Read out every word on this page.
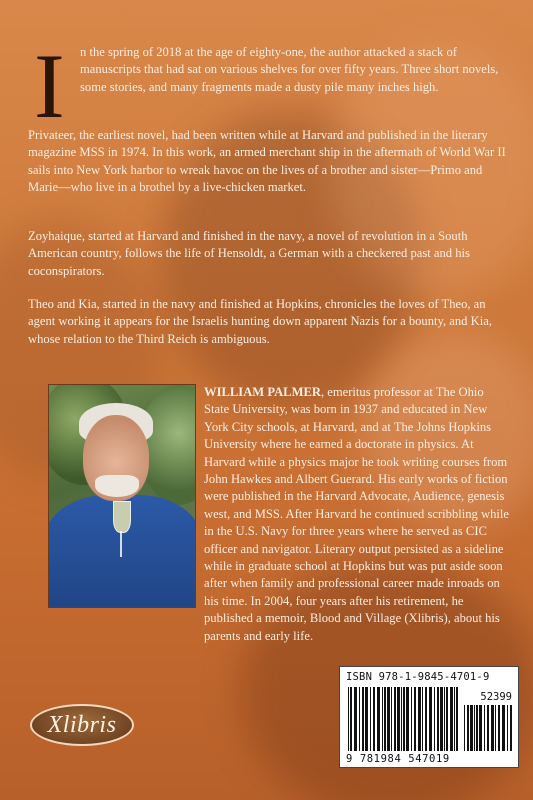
I n the spring of 2018 at the age of eighty-one, the author attacked a stack of manuscripts that had sat on various shelves for over fifty years. Three short novels, some stories, and many fragments made a dusty pile many inches high.

Privateer, the earliest novel, had been written while at Harvard and published in the literary magazine MSS in 1974. In this work, an armed merchant ship in the aftermath of World War II sails into New York harbor to wreak havoc on the lives of a brother and sister—Primo and Marie—who live in a brothel by a live-chicken market.

Zoyhaique, started at Harvard and finished in the navy, a novel of revolution in a South American country, follows the life of Hensoldt, a German with a checkered past and his coconspirators.

Theo and Kia, started in the navy and finished at Hopkins, chronicles the loves of Theo, an agent working it appears for the Israelis hunting down apparent Nazis for a bounty, and Kia, whose relation to the Third Reich is ambiguous.

WILLIAM PALMER, emeritus professor at The Ohio State University, was born in 1937 and educated in New York City schools, at Harvard, and at The Johns Hopkins University where he earned a doctorate in physics. At Harvard while a physics major he took writing courses from John Hawkes and Albert Guerard. His early works of fiction were published in the Harvard Advocate, Audience, genesis west, and MSS. After Harvard he continued scribbling while in the U.S. Navy for three years where he served as CIC officer and navigator. Literary output persisted as a sideline while in graduate school at Hopkins but was put aside soon after when family and professional career made inroads on his time. In 2004, four years after his retirement, he published a memoir, Blood and Village (Xlibris), about his parents and early life.

Xlibris
ISBN 978-1-9845-4701-9
52399
9 781984 547019
